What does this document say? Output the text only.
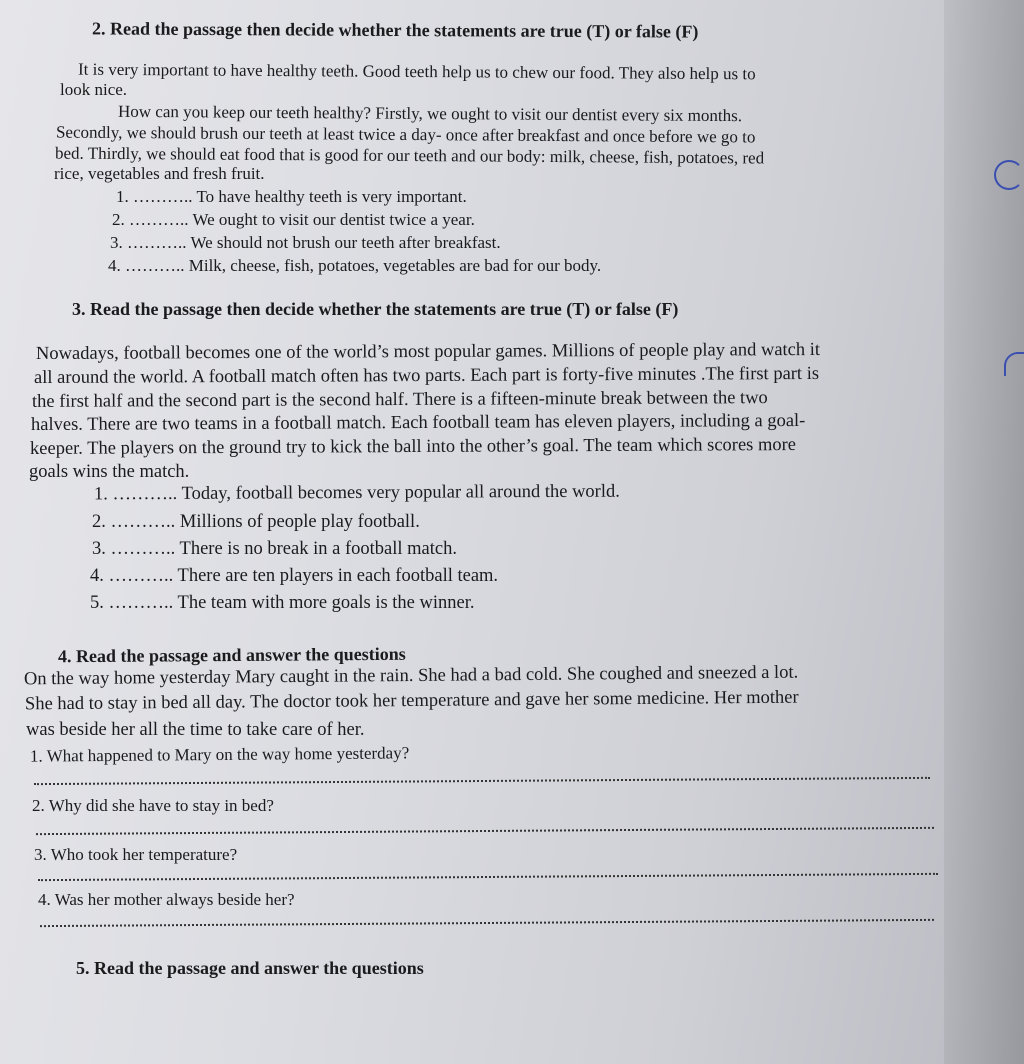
2. Read the passage then decide whether the statements are true (T) or false (F)
It is very important to have healthy teeth. Good teeth help us to chew our food. They also help us to
look nice.
How can you keep our teeth healthy? Firstly, we ought to visit our dentist every six months.
Secondly, we should brush our teeth at least twice a day- once after breakfast and once before we go to
bed. Thirdly, we should eat food that is good for our teeth and our body: milk, cheese, fish, potatoes, red
rice, vegetables and fresh fruit.
1. ……….. To have healthy teeth is very important.
2. ……….. We ought to visit our dentist twice a year.
3. ……….. We should not brush our teeth after breakfast.
4. ……….. Milk, cheese, fish, potatoes, vegetables are bad for our body.
3. Read the passage then decide whether the statements are true (T) or false (F)
Nowadays, football becomes one of the world’s most popular games. Millions of people play and watch it
all around the world. A football match often has two parts. Each part is forty-five minutes .The first part is
the first half and the second part is the second half. There is a fifteen-minute break between the two
halves. There are two teams in a football match. Each football team has eleven players, including a goal-
keeper. The players on the ground try to kick the ball into the other’s goal. The team which scores more
goals wins the match.
1. ……….. Today, football becomes very popular all around the world.
2. ……….. Millions of people play football.
3. ……….. There is no break in a football match.
4. ……….. There are ten players in each football team.
5. ……….. The team with more goals is the winner.
4. Read the passage and answer the questions
On the way home yesterday Mary caught in the rain. She had a bad cold. She coughed and sneezed a lot.
She had to stay in bed all day. The doctor took her temperature and gave her some medicine. Her mother
was beside her all the time to take care of her.
1. What happened to Mary on the way home yesterday?
2. Why did she have to stay in bed?
3. Who took her temperature?
4. Was her mother always beside her?
5. Read the passage and answer the questions
